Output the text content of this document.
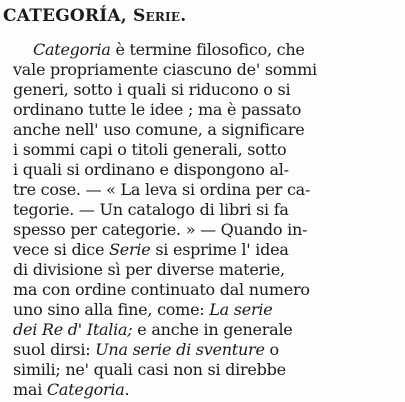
CATEGORÍA, Serie.
Categoria è termine filosofico, che
vale propriamente ciascuno de' sommi
generi, sotto i quali si riducono o si
ordinano tutte le idee ; ma è passato
anche nell' uso comune, a significare
i sommi capi o titoli generali, sotto
i quali si ordinano e dispongono al-
tre cose. — « La leva si ordina per ca-
tegorie. — Un catalogo di libri si fa
spesso per categorie. » — Quando in-
vece si dice Serie si esprime l' idea
di divisione sì per diverse materie,
ma con ordine continuato dal numero
uno sino alla fine, come: La serie
dei Re d' Italia; e anche in generale
suol dirsi: Una serie di sventure o
simili; ne' quali casi non si direbbe
mai Categoria.
